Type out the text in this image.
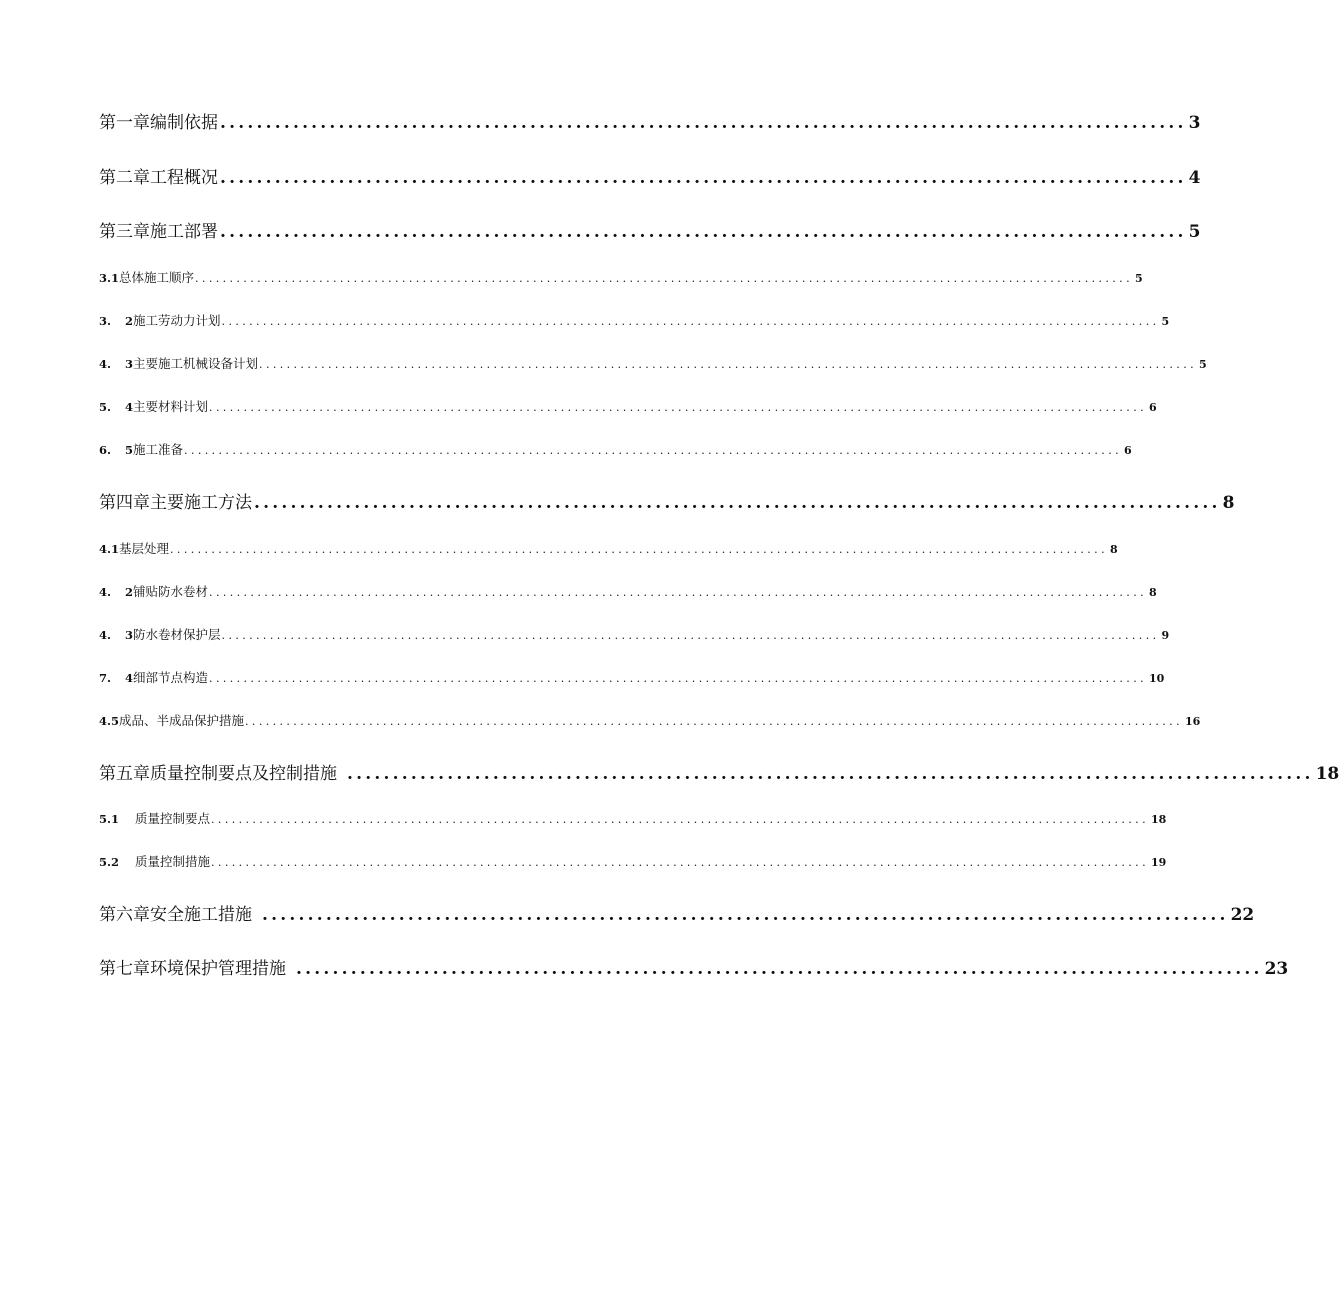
第一章编制依据 .......................................................................................................... 3
第二章工程概况 .......................................................................................................... 4
第三章施工部署 .......................................................................................................... 5
3.1总体施工顺序 ........................................................................................................................................ 5
3. 2施工劳动力计划 ........................................................................................................................................ 5
4. 3主要施工机械设备计划 ........................................................................................................................................ 5
5. 4主要材料计划 ........................................................................................................................................ 6
6. 5施工准备 ........................................................................................................................................ 6
第四章主要施工方法 .......................................................................................................... 8
4.1基层处理 ........................................................................................................................................ 8
4. 2铺贴防水卷材 ........................................................................................................................................ 8
4. 3防水卷材保护层 ........................................................................................................................................ 9
7. 4细部节点构造 ........................................................................................................................................ 10
4.5成品、半成品保护措施 ........................................................................................................................................ 16
第五章质量控制要点及控制措施 .......................................................................................................... 18
5.1 质量控制要点 ........................................................................................................................................ 18
5.2 质量控制措施 ........................................................................................................................................ 19
第六章安全施工措施 .......................................................................................................... 22
第七章环境保护管理措施 .......................................................................................................... 23
